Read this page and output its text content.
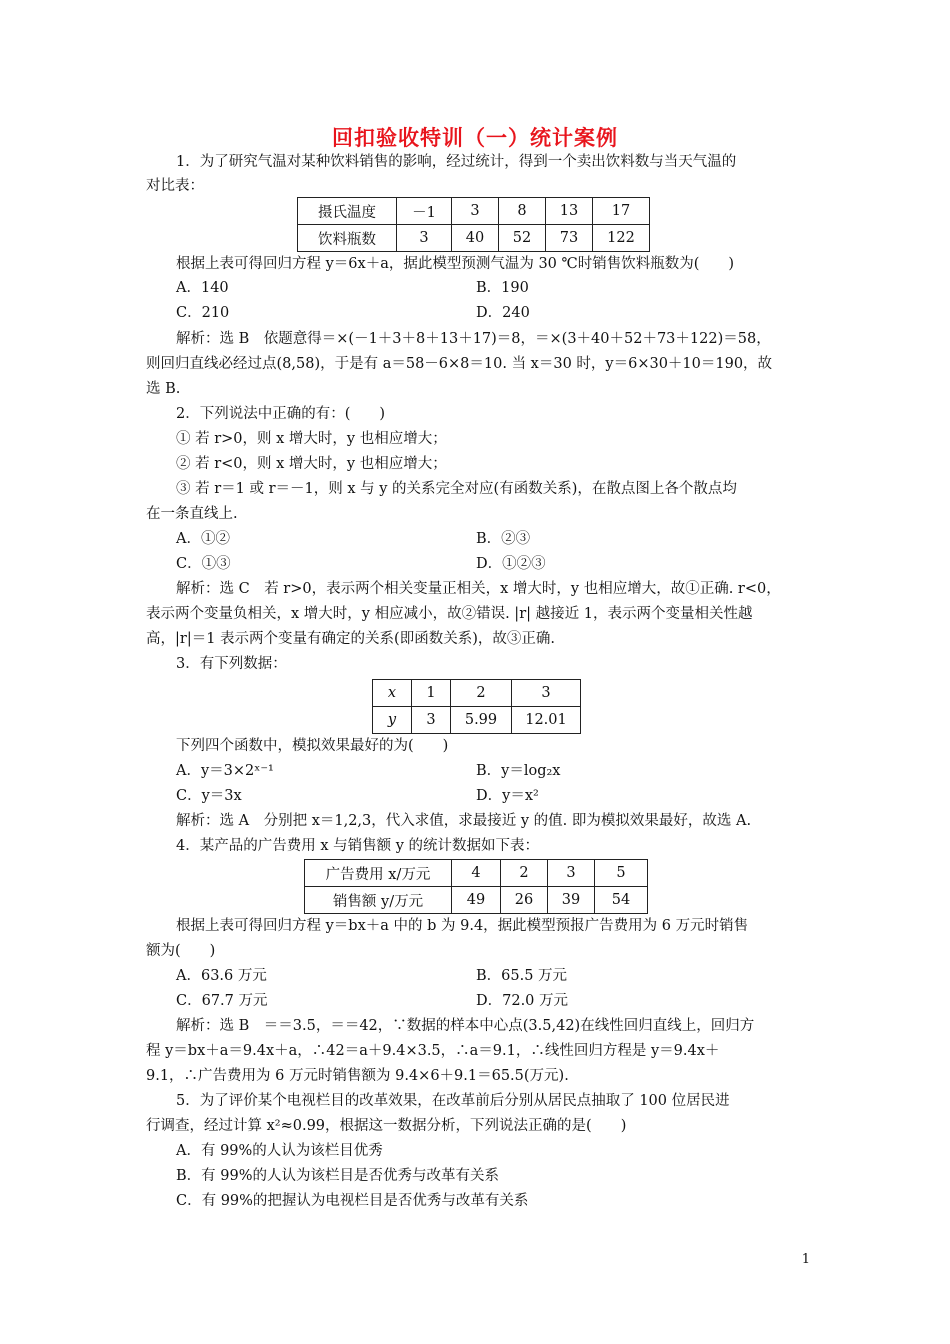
回扣验收特训（一）统计案例
1．为了研究气温对某种饮料销售的影响，经过统计，得到一个卖出饮料数与当天气温的
对比表：
摄氏温度	－1	3	8	13	17
饮料瓶数	3	40	52	73	122
根据上表可得回归方程 y＝6x＋a，据此模型预测气温为 30 ℃时销售饮料瓶数为(　　)
A．140	B．190
C．210	D．240
解析：选 B　依题意得＝×(－1＋3＋8＋13＋17)＝8，＝×(3＋40＋52＋73＋122)＝58，
则回归直线必经过点(8,58)，于是有 a＝58－6×8＝10. 当 x＝30 时，y＝6×30＋10＝190，故
选 B.
2．下列说法中正确的有：(　　)
① 若 r>0，则 x 增大时，y 也相应增大；
② 若 r<0，则 x 增大时，y 也相应增大；
③ 若 r＝1 或 r＝－1，则 x 与 y 的关系完全对应(有函数关系)，在散点图上各个散点均
在一条直线上.
A．①②	B．②③
C．①③	D．①②③
解析：选 C　若 r>0，表示两个相关变量正相关，x 增大时，y 也相应增大，故①正确. r<0，
表示两个变量负相关，x 增大时，y 相应减小，故②错误. |r| 越接近 1，表示两个变量相关性越
高，|r|＝1 表示两个变量有确定的关系(即函数关系)，故③正确.
3．有下列数据：
x	1	2	3
y	3	5.99	12.01
下列四个函数中，模拟效果最好的为(　　)
A．y＝3×2ˣ⁻¹	B．y＝log₂x
C．y＝3x	D．y＝x²
解析：选 A　分别把 x＝1,2,3，代入求值，求最接近 y 的值. 即为模拟效果最好，故选 A.
4．某产品的广告费用 x 与销售额 y 的统计数据如下表：
广告费用 x/万元	4	2	3	5
销售额 y/万元	49	26	39	54
根据上表可得回归方程 y＝bx＋a 中的 b 为 9.4，据此模型预报广告费用为 6 万元时销售
额为(　　)
A．63.6 万元	B．65.5 万元
C．67.7 万元	D．72.0 万元
解析：选 B　＝＝3.5，＝＝42，∵数据的样本中心点(3.5,42)在线性回归直线上，回归方
程 y＝bx＋a＝9.4x＋a，∴42＝a＋9.4×3.5，∴a＝9.1，∴线性回归方程是 y＝9.4x＋
9.1，∴广告费用为 6 万元时销售额为 9.4×6＋9.1＝65.5(万元).
5．为了评价某个电视栏目的改革效果，在改革前后分别从居民点抽取了 100 位居民进
行调查，经过计算 x²≈0.99，根据这一数据分析，下列说法正确的是(　　)
A．有 99%的人认为该栏目优秀
B．有 99%的人认为该栏目是否优秀与改革有关系
C．有 99%的把握认为电视栏目是否优秀与改革有关系
1
